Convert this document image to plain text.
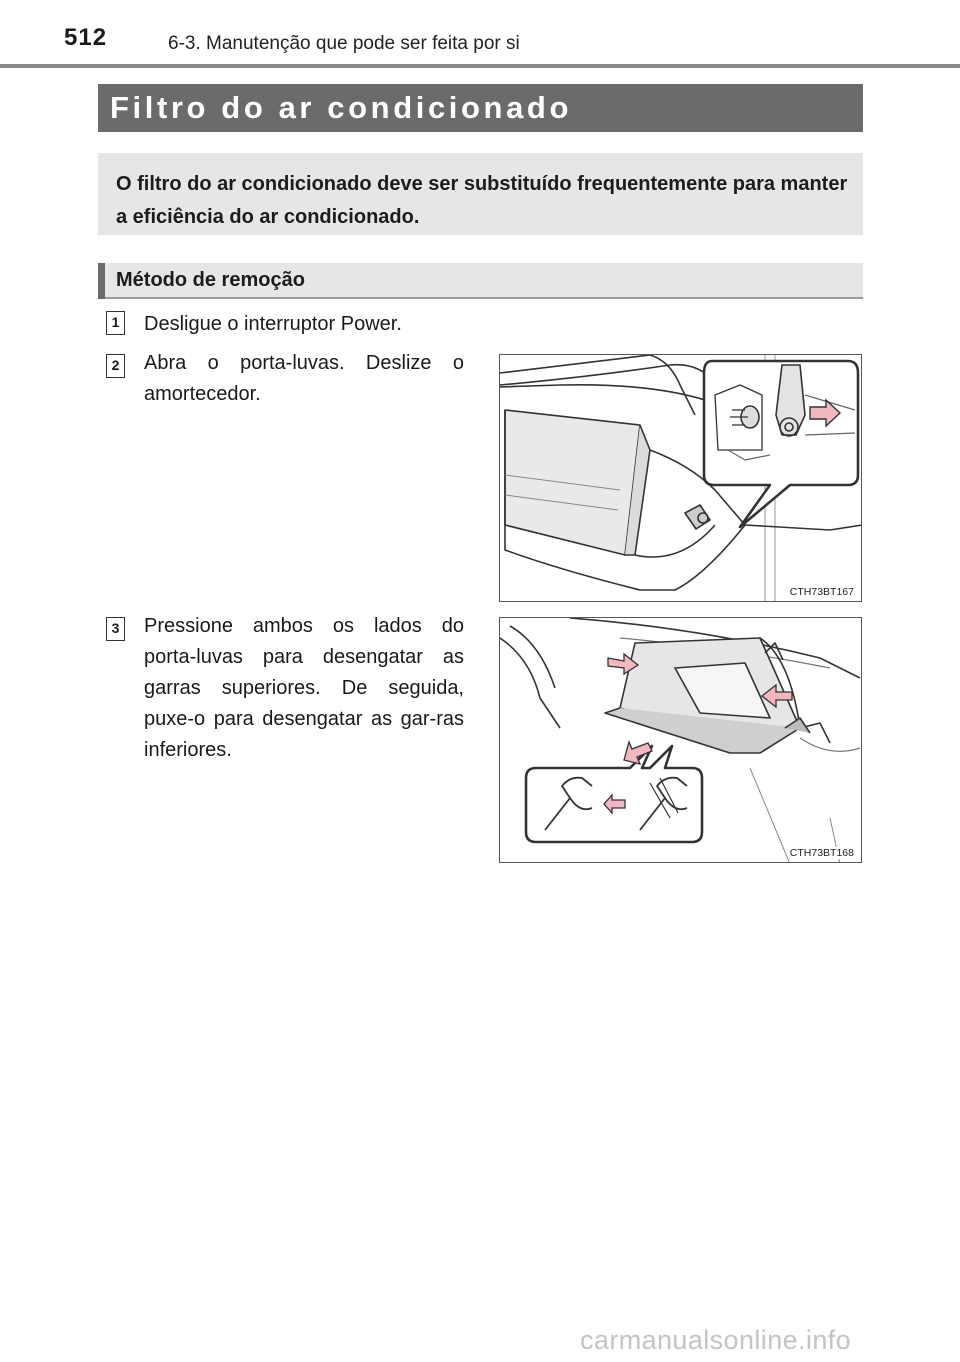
512	6-3. Manutenção que pode ser feita por si
Filtro do ar condicionado

O filtro do ar condicionado deve ser substituído frequentemente para manter a eficiência do ar condicionado.

Método de remoção
1 Desligue o interruptor Power.
2 Abra o porta-luvas. Deslize o amortecedor.
CTH73BT167
3 Pressione ambos os lados do porta-luvas para desengatar as garras superiores. De seguida, puxe-o para desengatar as gar-ras inferiores.
CTH73BT168
carmanualsonline.info
